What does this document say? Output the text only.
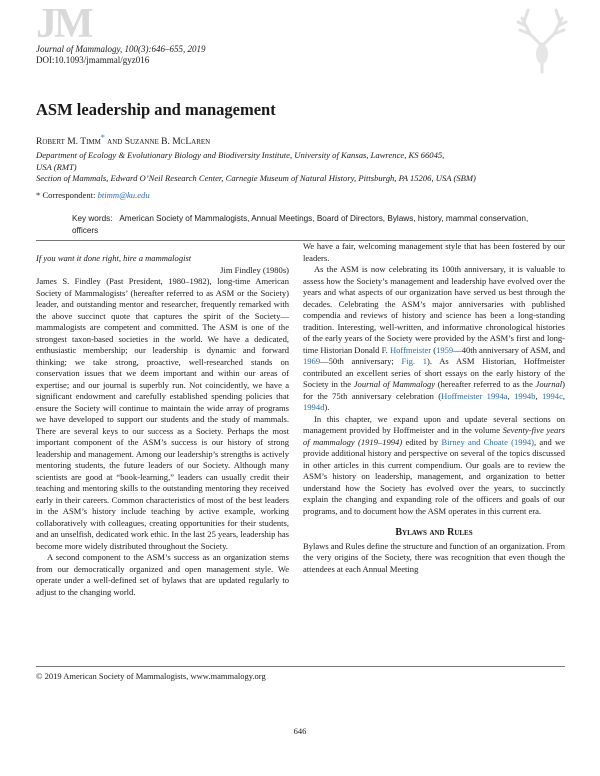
JM
Journal of Mammalogy, 100(3):646–655, 2019
DOI:10.1093/jmammal/gyz016
ASM leadership and management
Robert M. Timm* and Suzanne B. McLaren
Department of Ecology & Evolutionary Biology and Biodiversity Institute, University of Kansas, Lawrence, KS 66045,
USA (RMT)
Section of Mammals, Edward O’Neil Research Center, Carnegie Museum of Natural History, Pittsburgh, PA 15206, USA (SBM)
* Correspondent: btimm@ku.edu
Key words: American Society of Mammalogists, Annual Meetings, Board of Directors, Bylaws, history, mammal conservation,
officers

If you want it done right, hire a mammalogist

Jim Findley (1980s)

James S. Findley (Past President, 1980–1982), long-time American Society of Mammalogists’ (hereafter referred to as ASM or the Society) leader, and outstanding mentor and researcher, frequently remarked with the above succinct quote that captures the spirit of the Society—mammalogists are competent and committed. The ASM is one of the strongest taxon-based societies in the world. We have a dedicated, enthusiastic membership; our leadership is dynamic and forward thinking; we take strong, proactive, well-researched stands on conservation issues that we deem important and within our areas of expertise; and our journal is superbly run. Not coincidently, we have a significant endowment and carefully established spending policies that ensure the Society will continue to maintain the wide array of programs we have developed to support our students and the study of mammals. There are several keys to our success as a Society. Perhaps the most important component of the ASM’s success is our history of strong leadership and management. Among our leadership’s strengths is actively mentoring students, the future leaders of our Society. Although many scientists are good at “book-learning,” leaders can usually credit their teaching and mentoring skills to the outstanding mentoring they received early in their careers. Common characteristics of most of the best leaders in the ASM’s history include teaching by active example, working collaboratively with colleagues, creating opportunities for their students, and an unselfish, dedicated work ethic. In the last 25 years, leadership has become more widely distributed throughout the Society.

A second component to the ASM’s success as an organization stems from our democratically organized and open management style. We operate under a well-defined set of bylaws that are updated regularly to adjust to the changing world.

We have a fair, welcoming management style that has been fostered by our leaders.

As the ASM is now celebrating its 100th anniversary, it is valuable to assess how the Society’s management and leadership have evolved over the years and what aspects of our organization have served us best through the decades. Celebrating the ASM’s major anniversaries with published compendia and reviews of history and science has been a long-standing tradition. Interesting, well-written, and informative chronological histories of the early years of the Society were provided by the ASM’s first and long-time Historian Donald F. Hoffmeister (1959—40th anniversary of ASM, and 1969—50th anniversary; Fig. 1). As ASM Historian, Hoffmeister contributed an excellent series of short essays on the early history of the Society in the Journal of Mammalogy (hereafter referred to as the Journal) for the 75th anniversary celebration (Hoffmeister 1994a, 1994b, 1994c, 1994d).

In this chapter, we expand upon and update several sections on management provided by Hoffmeister and in the volume Seventy-five years of mammalogy (1919–1994) edited by Birney and Choate (1994), and we provide additional history and perspective on several of the topics discussed in other articles in this current compendium. Our goals are to review the ASM’s history on leadership, management, and organization to better understand how the Society has evolved over the years, to succinctly explain the changing and expanding role of the officers and goals of our programs, and to document how the ASM operates in this current era.

Bylaws and Rules

Bylaws and Rules define the structure and function of an organization. From the very origins of the Society, there was recognition that even though the attendees at each Annual Meeting

© 2019 American Society of Mammalogists, www.mammalogy.org
646
